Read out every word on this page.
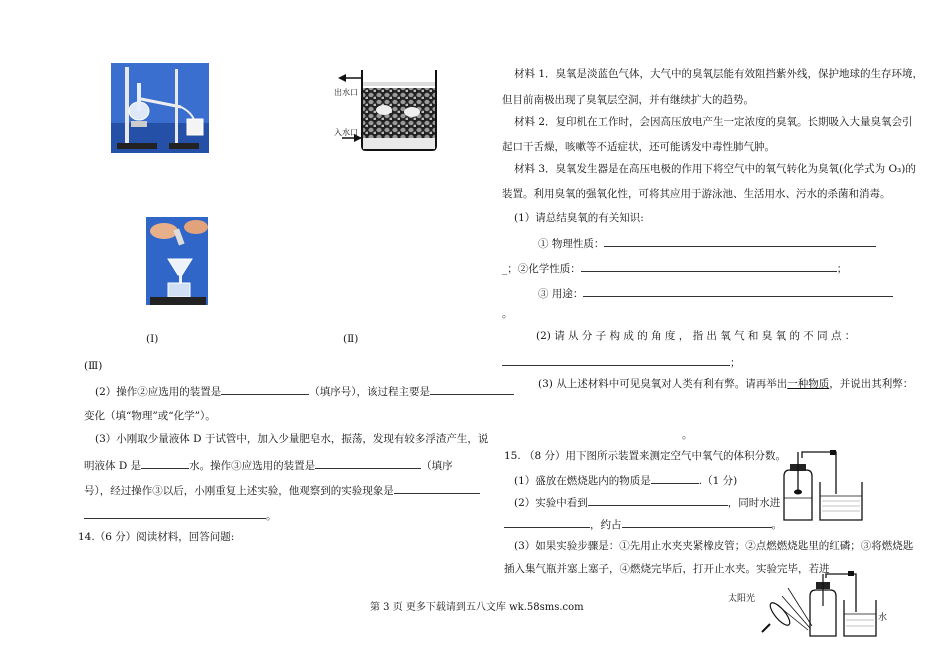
出水口
入水口
(Ⅰ)	(Ⅱ)
(Ⅲ)
(2）操作②应选用的装置是	（填序号），该过程主要是
变化（填“物理”或“化学”）。
(3）小刚取少量液体 D 于试管中，加入少量肥皂水，振荡，发现有较多浮渣产生，说
明液体 D 是	水。操作③应选用的装置是	（填序
号），经过操作③以后，小刚重复上述实验，他观察到的实验现象是
。
14.（6 分）阅读材料，回答问题:
材料 1．臭氧是淡蓝色气体，大气中的臭氧层能有效阻挡紫外线，保护地球的生存环境，
但目前南极出现了臭氧层空洞，并有继续扩大的趋势。
材料 2．复印机在工作时，会因高压放电产生一定浓度的臭氧。长期吸入大量臭氧会引
起口干舌燥，咳嗽等不适症状，还可能诱发中毒性肺气肿。
材料 3．臭氧发生器是在高压电极的作用下将空气中的氧气转化为臭氧(化学式为 O₃)的
装置。利用臭氧的强氧化性，可将其应用于游泳池、生活用水、污水的杀菌和消毒。
(1）请总结臭氧的有关知识:
① 物理性质：
_；②化学性质：	；
③ 用途：
。
(2) 请 从 分 子 构 成 的 角 度 ， 指 出 氧 气 和 臭 氧 的 不 同 点 ：
；
(3) 从上述材料中可见臭氧对人类有利有弊。请再举出一种物质，并说出其利弊：
。
15. （8 分）用下图所示装置来测定空气中氧气的体积分数。
(1）盛放在燃烧匙内的物质是	.（1 分)
(2）实验中看到	，同时水进
，约占	。
(3）如果实验步骤是：①先用止水夹夹紧橡皮管；②点燃燃烧匙里的红磷；③将燃烧匙
插入集气瓶并塞上塞子，④燃烧完毕后，打开止水夹。实验完毕，若进
太阳光
水
第 3 页 更多下载请到五八文库 wk.58sms.com
